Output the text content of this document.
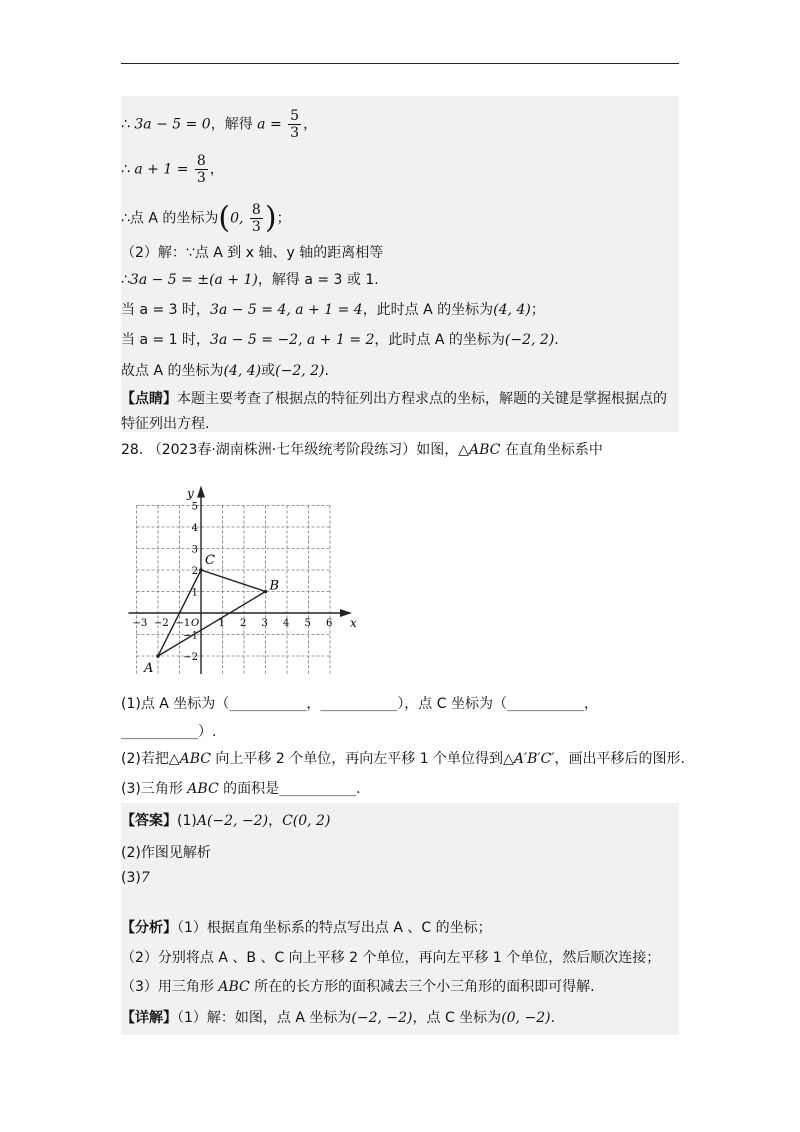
∴ 3a − 5 = 0，解得 $a = \frac{5}{3}$ ，
∴ $a + 1 = \frac{8}{3}$ ，
∴点 A 的坐标为(0, $\frac{8}{3}$ )；
（2）解：∵点 A 到 x 轴、y 轴的距离相等
∴3a − 5 = ±(a + 1)，解得 a = 3 或 1.
当 a = 3 时，3a − 5 = 4, a + 1 = 4，此时点 A 的坐标为(4, 4)；
当 a = 1 时，3a − 5 = −2, a + 1 = 2，此时点 A 的坐标为(−2, 2).
故点 A 的坐标为(4, 4)或(−2, 2).
【点睛】本题主要考查了根据点的特征列出方程求点的坐标，解题的关键是掌握根据点的
特征列出方程.
28. （2023春·湖南株洲·七年级统考阶段练习）如图，△ABC 在直角坐标系中
x
y
−3 −2 −1 O 1 2 3 4 5 6
5
4
3
2
1
−1
−2
A
B
C
(1)点 A 坐标为（___________，___________），点 C 坐标为（___________，
___________）.
(2)若把△ABC 向上平移 2 个单位，再向左平移 1 个单位得到△A′B′C′，画出平移后的图形.
(3)三角形 ABC 的面积是___________.
【答案】(1)A(−2, −2)，C(0, 2)
(2)作图见解析
(3)7
【分析】（1）根据直角坐标系的特点写出点 A 、C 的坐标；
（2）分别将点 A 、B 、C 向上平移 2 个单位，再向左平移 1 个单位，然后顺次连接；
（3）用三角形 ABC 所在的长方形的面积减去三个小三角形的面积即可得解.
【详解】（1）解：如图，点 A 坐标为(−2, −2)，点 C 坐标为(0, −2).
